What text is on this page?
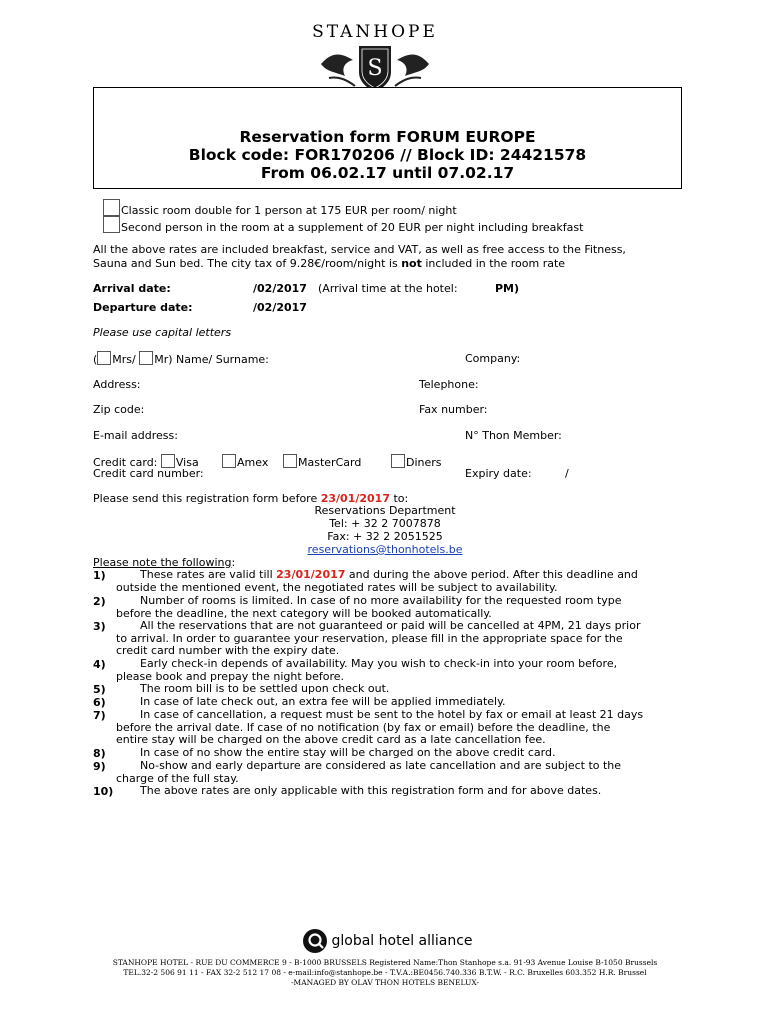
STANHOPE
S
Reservation form FORUM EUROPE
Block code: FOR170206 // Block ID: 24421578
From 06.02.17 until 07.02.17
Classic room double for 1 person at 175 EUR per room/ night
Second person in the room at a supplement of 20 EUR per night including breakfast
All the above rates are included breakfast, service and VAT, as well as free access to the Fitness,
Sauna and Sun bed. The city tax of 9.28€/room/night is not included in the room rate
Arrival date:	/02/2017 (Arrival time at the hotel:	PM)
Departure date:	/02/2017
Please use capital letters
( Mrs/ Mr) Name/ Surname:	Company:
Address:	Telephone:
Zip code:	Fax number:
E-mail address:	N° Thon Member:
Credit card: Visa	Amex	MasterCard	Diners
Credit card number:	Expiry date:	/
Please send this registration form before 23/01/2017 to:
Reservations Department
Tel: + 32 2 7007878
Fax: + 32 2 2051525
reservations@thonhotels.be
Please note the following:
1)	These rates are valid till 23/01/2017 and during the above period. After this deadline and
outside the mentioned event, the negotiated rates will be subject to availability.
2)	Number of rooms is limited. In case of no more availability for the requested room type
before the deadline, the next category will be booked automatically.
3)	All the reservations that are not guaranteed or paid will be cancelled at 4PM, 21 days prior
to arrival. In order to guarantee your reservation, please fill in the appropriate space for the
credit card number with the expiry date.
4)	Early check-in depends of availability. May you wish to check-in into your room before,
please book and prepay the night before.
5)	The room bill is to be settled upon check out.
6)	In case of late check out, an extra fee will be applied immediately.
7)	In case of cancellation, a request must be sent to the hotel by fax or email at least 21 days
before the arrival date. If case of no notification (by fax or email) before the deadline, the
entire stay will be charged on the above credit card as a late cancellation fee.
8)	In case of no show the entire stay will be charged on the above credit card.
9)	No-show and early departure are considered as late cancellation and are subject to the
charge of the full stay.
10)	The above rates are only applicable with this registration form and for above dates.
global hotel alliance
STANHOPE HOTEL - RUE DU COMMERCE 9 - B-1000 BRUSSELS Registered Name:Thon Stanhope s.a. 91-93 Avenue Louise B-1050 Brussels
TEL.32-2 506 91 11 - FAX 32-2 512 17 08 - e-mail:info@stanhope.be - T.V.A.:BE0456.740.336 B.T.W. - R.C. Bruxelles 603.352 H.R. Brussel
-MANAGED BY OLAV THON HOTELS BENELUX-
